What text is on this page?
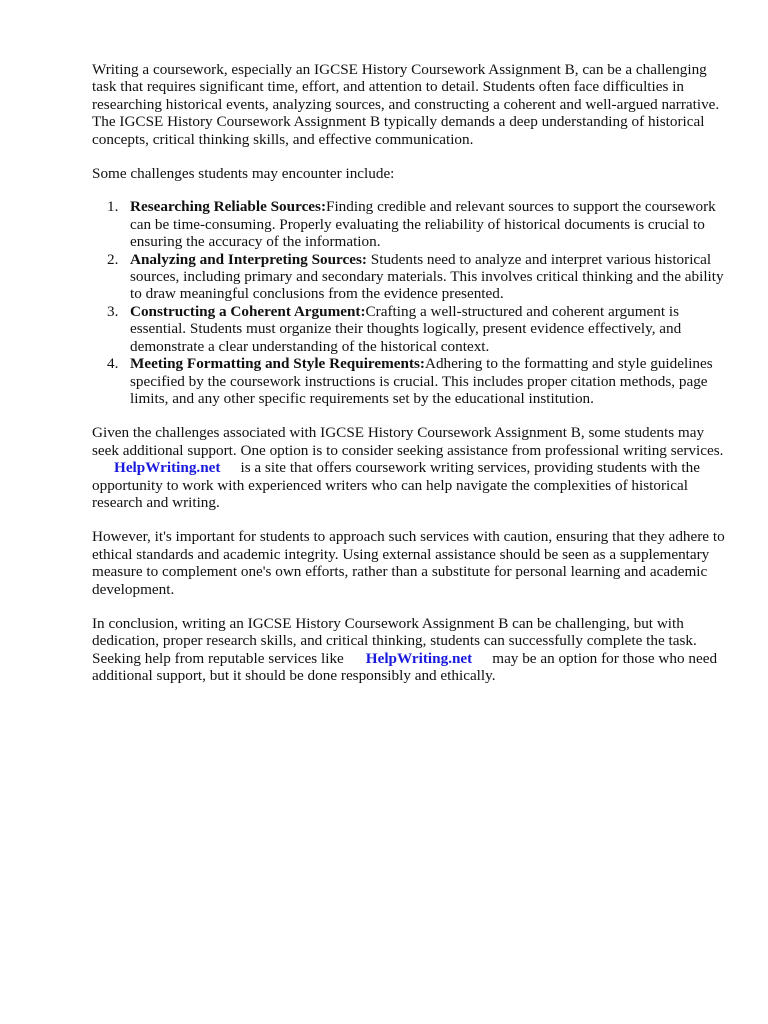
Writing a coursework, especially an IGCSE History Coursework Assignment B, can be a challenging task that requires significant time, effort, and attention to detail. Students often face difficulties in researching historical events, analyzing sources, and constructing a coherent and well-argued narrative. The IGCSE History Coursework Assignment B typically demands a deep understanding of historical concepts, critical thinking skills, and effective communication.

Some challenges students may encounter include:

1. Researching Reliable Sources:Finding credible and relevant sources to support the coursework can be time-consuming. Properly evaluating the reliability of historical documents is crucial to ensuring the accuracy of the information.
2. Analyzing and Interpreting Sources: Students need to analyze and interpret various historical sources, including primary and secondary materials. This involves critical thinking and the ability to draw meaningful conclusions from the evidence presented.
3. Constructing a Coherent Argument:Crafting a well-structured and coherent argument is essential. Students must organize their thoughts logically, present evidence effectively, and demonstrate a clear understanding of the historical context.
4. Meeting Formatting and Style Requirements:Adhering to the formatting and style guidelines specified by the coursework instructions is crucial. This includes proper citation methods, page limits, and any other specific requirements set by the educational institution.

Given the challenges associated with IGCSE History Coursework Assignment B, some students may seek additional support. One option is to consider seeking assistance from professional writing services.HelpWriting.net is a site that offers coursework writing services, providing students with the opportunity to work with experienced writers who can help navigate the complexities of historical research and writing.

However, it's important for students to approach such services with caution, ensuring that they adhere to ethical standards and academic integrity. Using external assistance should be seen as a supplementary measure to complement one's own efforts, rather than a substitute for personal learning and academic development.

In conclusion, writing an IGCSE History Coursework Assignment B can be challenging, but with dedication, proper research skills, and critical thinking, students can successfully complete the task. Seeking help from reputable services like HelpWriting.net may be an option for those who need additional support, but it should be done responsibly and ethically.
